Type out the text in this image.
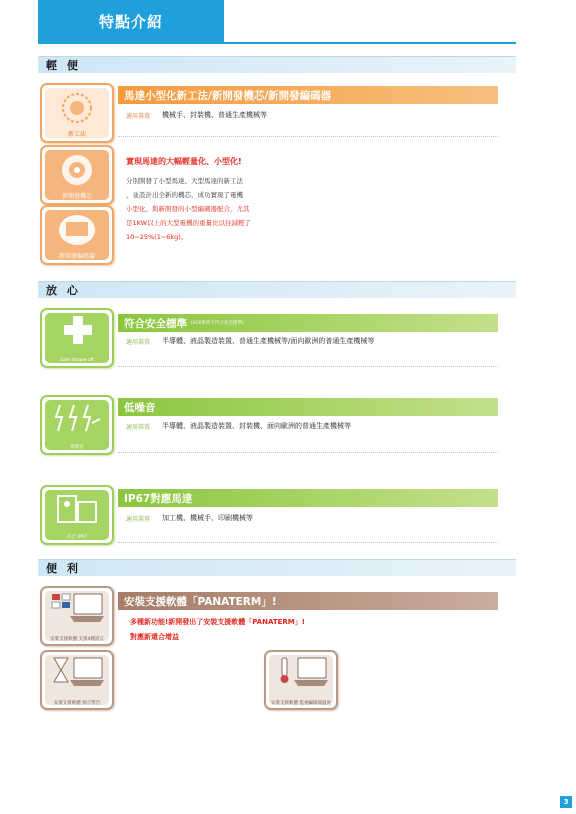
特點介紹
輕 便
新工法
新開發機芯
新開發編碼器
馬達小型化新工法/新開發機芯/新開發編碼器
適用裝置 機械手、封裝機、普通生產機械等
實現馬達的大幅輕量化、小型化!
分別開發了小型馬達、大型馬達的新工法
，並設計出全新的機芯，成功實現了電機
小型化。與新開發的小型編碼器配合，尤其
是1KW以上的大型電機的重量比以往減輕了
10~25%(1~6kg)。
放 心
Safe torque off
符合安全標準 (A5II系列不符合安全標準)
適用裝置 半導體、液晶製造裝置、普通生產機械等/面向歐洲的普通生產機械等
低噪音
低噪音
適用裝置 半導體、液晶製造裝置、封裝機、面向歐洲的普通生產機械等
符合 IP67
IP67對應馬達
適用裝置 加工機、機械手、印刷機械等
便 利
安裝支援軟體 支援4種語言
安裝支援軟體 預言警告	安裝支援軟體 監視編碼器溫度
安裝支援軟體「PANATERM」!
多種新功能!新開發出了安裝支援軟體「PANATERM」!
對應新還合增益
3
